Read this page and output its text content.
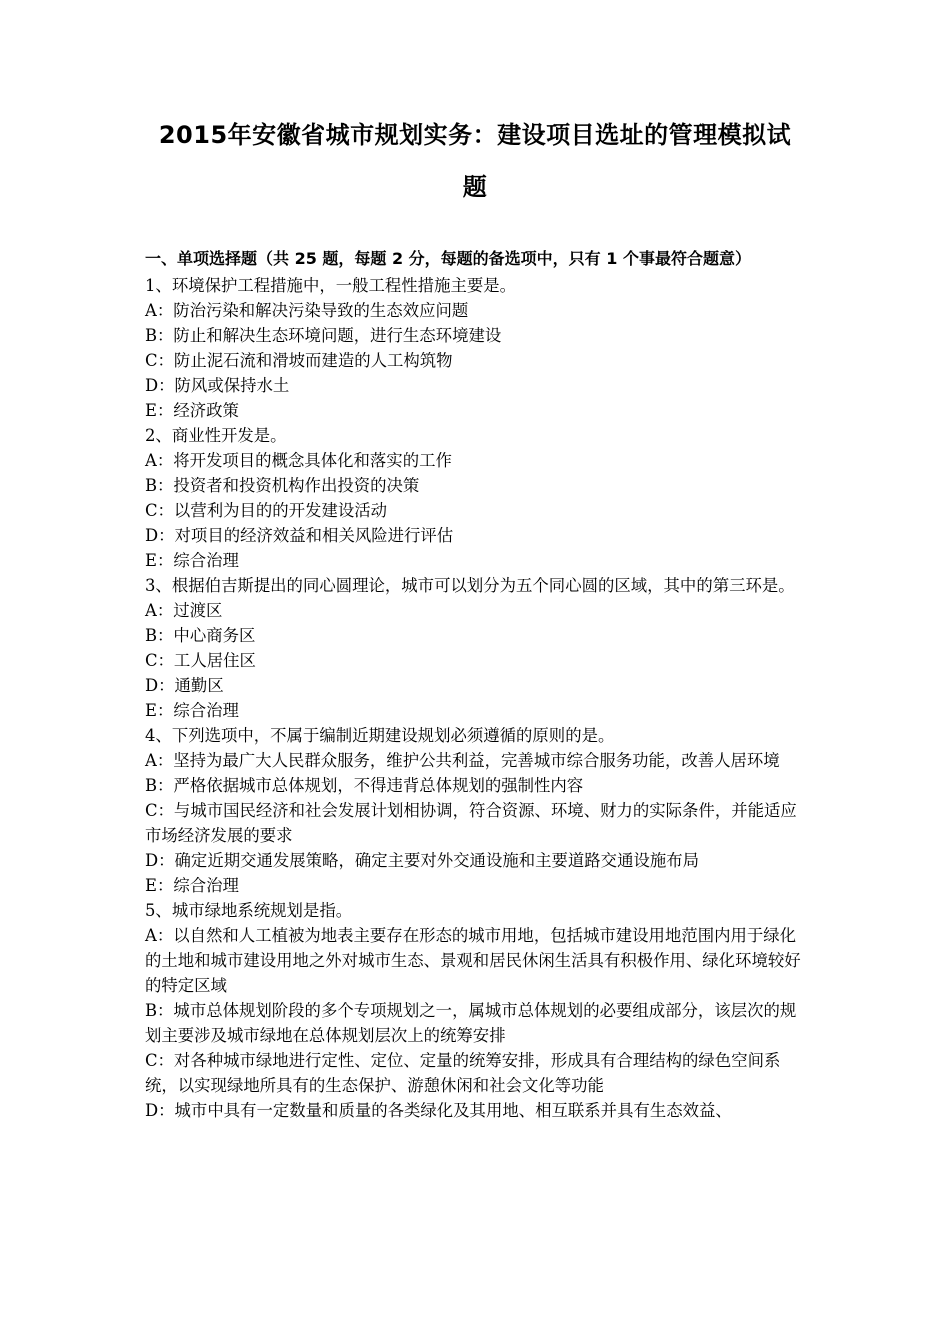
2015年安徽省城市规划实务：建设项目选址的管理模拟试
题

一、单项选择题（共 25 题，每题 2 分，每题的备选项中，只有 1 个事最符合题意）

1、环境保护工程措施中，一般工程性措施主要是。

A：防治污染和解决污染导致的生态效应问题

B：防止和解决生态环境问题，进行生态环境建设

C：防止泥石流和滑坡而建造的人工构筑物

D：防风或保持水土

E：经济政策

2、商业性开发是。

A：将开发项目的概念具体化和落实的工作

B：投资者和投资机构作出投资的决策

C：以营利为目的的开发建设活动

D：对项目的经济效益和相关风险进行评估

E：综合治理

3、根据伯吉斯提出的同心圆理论，城市可以划分为五个同心圆的区域，其中的第三环是。

A：过渡区

B：中心商务区

C：工人居住区

D：通勤区

E：综合治理

4、下列选项中，不属于编制近期建设规划必须遵循的原则的是。

A：坚持为最广大人民群众服务，维护公共利益，完善城市综合服务功能，改善人居环境

B：严格依据城市总体规划，不得违背总体规划的强制性内容

C：与城市国民经济和社会发展计划相协调，符合资源、环境、财力的实际条件，并能适应市场经济发展的要求

D：确定近期交通发展策略，确定主要对外交通设施和主要道路交通设施布局

E：综合治理

5、城市绿地系统规划是指。

A：以自然和人工植被为地表主要存在形态的城市用地，包括城市建设用地范围内用于绿化的土地和城市建设用地之外对城市生态、景观和居民休闲生活具有积极作用、绿化环境较好的特定区域

B：城市总体规划阶段的多个专项规划之一，属城市总体规划的必要组成部分，该层次的规划主要涉及城市绿地在总体规划层次上的统筹安排

C：对各种城市绿地进行定性、定位、定量的统筹安排，形成具有合理结构的绿色空间系统，以实现绿地所具有的生态保护、游憩休闲和社会文化等功能

D：城市中具有一定数量和质量的各类绿化及其用地、相互联系并具有生态效益、
